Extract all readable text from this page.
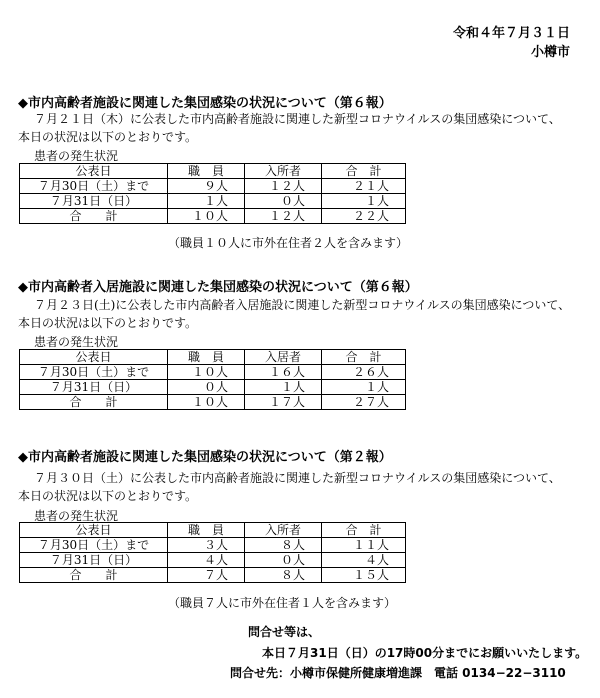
令和４年７月３１日
小樽市
◆市内高齢者施設に関連した集団感染の状況について（第６報）
７月２１日（木）に公表した市内高齢者施設に関連した新型コロナウイルスの集団感染について、
本日の状況は以下のとおりです。
患者の発生状況
公表日	職　員	入所者	合　計
７月30日（土）まで	９人	１２人	２１人
７月31日（日）	１人	０人	１人
合　　計	１０人	１２人	２２人
（職員１０人に市外在住者２人を含みます）
◆市内高齢者入居施設に関連した集団感染の状況について（第６報）
７月２３日(土)に公表した市内高齢者入居施設に関連した新型コロナウイルスの集団感染について、
本日の状況は以下のとおりです。
患者の発生状況
公表日	職　員	入居者	合　計
７月30日（土）まで	１０人	１６人	２６人
７月31日（日）	０人	１人	１人
合　　計	１０人	１７人	２７人
◆市内高齢者施設に関連した集団感染の状況について（第２報）
７月３０日（土）に公表した市内高齢者施設に関連した新型コロナウイルスの集団感染について、
本日の状況は以下のとおりです。
患者の発生状況
公表日	職　員	入所者	合　計
７月30日（土）まで	３人	８人	１１人
７月31日（日）	４人	０人	４人
合　　計	７人	８人	１５人
（職員７人に市外在住者１人を含みます）
問合せ等は、
本日７月31日（日）の17時00分までにお願いいたします。
問合せ先：小樽市保健所健康増進課　電話 0134−22−3110
